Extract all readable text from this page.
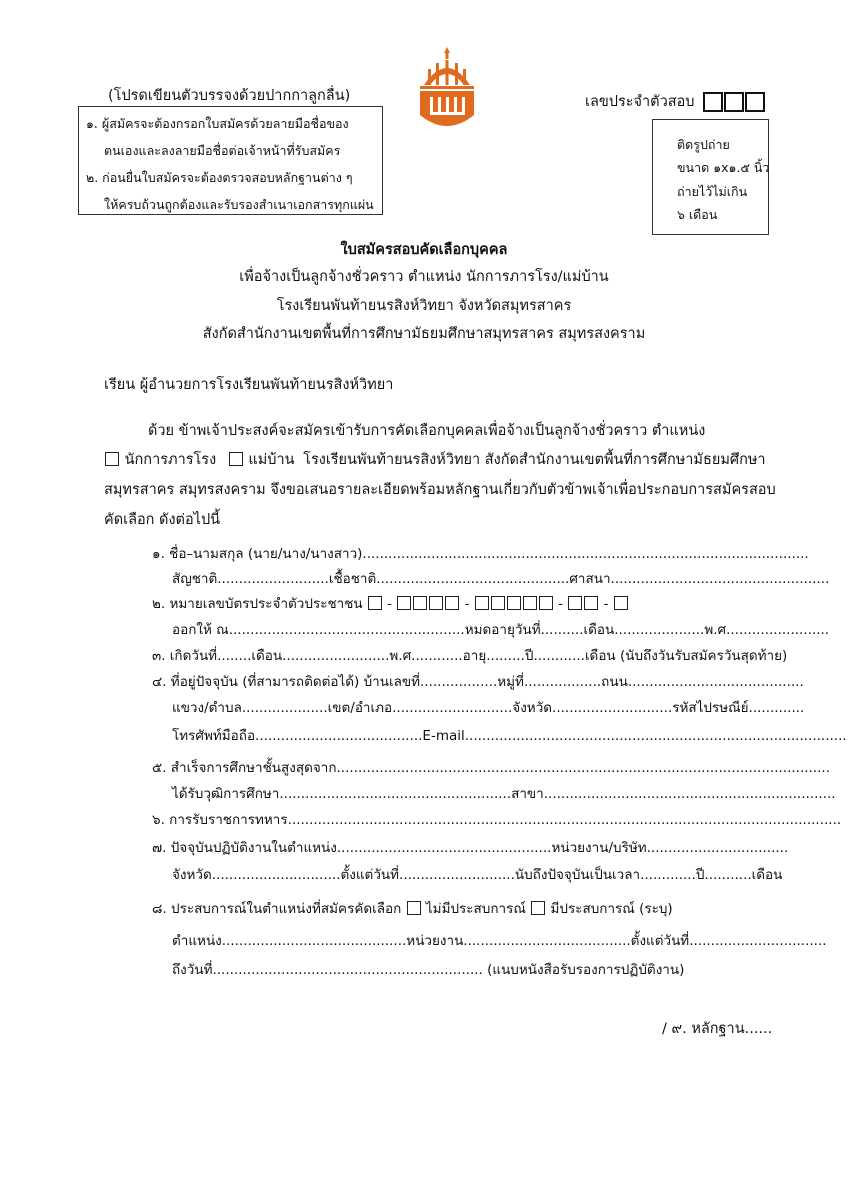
(โปรดเขียนตัวบรรจงด้วยปากกาลูกลื่น)	เลขประจำตัวสอบ
๑. ผู้สมัครจะต้องกรอกใบสมัครด้วยลายมือชื่อของ
ตนเองและลงลายมือชื่อต่อเจ้าหน้าที่รับสมัคร
๒. ก่อนยื่นใบสมัครจะต้องตรวจสอบหลักฐานต่าง ๆ
ให้ครบถ้วนถูกต้องและรับรองสำเนาเอกสารทุกแผ่น
ติดรูปถ่าย
ขนาด ๑x๑.๕ นิ้ว
ถ่ายไว้ไม่เกิน
๖ เดือน
ใบสมัครสอบคัดเลือกบุคคล
เพื่อจ้างเป็นลูกจ้างชั่วคราว ตำแหน่ง นักการภารโรง/แม่บ้าน
โรงเรียนพันท้ายนรสิงห์วิทยา จังหวัดสมุทรสาคร
สังกัดสำนักงานเขตพื้นที่การศึกษามัธยมศึกษาสมุทรสาคร สมุทรสงคราม
เรียน ผู้อำนวยการโรงเรียนพันท้ายนรสิงห์วิทยา
ด้วย ข้าพเจ้าประสงค์จะสมัครเข้ารับการคัดเลือกบุคคลเพื่อจ้างเป็นลูกจ้างชั่วคราว ตำแหน่ง
นักการภารโรง แม่บ้าน โรงเรียนพันท้ายนรสิงห์วิทยา สังกัดสำนักงานเขตพื้นที่การศึกษามัธยมศึกษา
สมุทรสาคร สมุทรสงคราม จึงขอเสนอรายละเอียดพร้อมหลักฐานเกี่ยวกับตัวข้าพเจ้าเพื่อประกอบการสมัครสอบ
คัดเลือก ดังต่อไปนี้
๑. ชื่อ–นามสกุล (นาย/นาง/นางสาว)........................................................................................................
สัญชาติ..........................เชื้อชาติ.............................................ศาสนา...................................................
๒. หมายเลขบัตรประจำตัวประชาชน  -	-	-  -
ออกให้ ณ.......................................................หมดอายุวันที่..........เดือน.....................พ.ศ........................
๓. เกิดวันที่........เดือน.........................พ.ศ............อายุ.........ปี............เดือน (นับถึงวันรับสมัครวันสุดท้าย)
๔. ที่อยู่ปัจจุบัน (ที่สามารถติดต่อได้) บ้านเลขที่..................หมู่ที่..................ถนน.........................................
แขวง/ตำบล....................เขต/อำเภอ............................จังหวัด............................รหัสไปรษณีย์.............
โทรศัพท์มือถือ.......................................E-mail.........................................................................................
๕. สำเร็จการศึกษาชั้นสูงสุดจาก...................................................................................................................
ได้รับวุฒิการศึกษา......................................................สาขา....................................................................
๖. การรับราชการทหาร.................................................................................................................................
๗. ปัจจุบันปฏิบัติงานในตำแหน่ง..................................................หน่วยงาน/บริษัท.................................
จังหวัด..............................ตั้งแต่วันที่...........................นับถึงปัจจุบันเป็นเวลา.............ปี...........เดือน
๘. ประสบการณ์ในตำแหน่งที่สมัครคัดเลือก ไม่มีประสบการณ์ มีประสบการณ์ (ระบุ)
ตำแหน่ง...........................................หน่วยงาน.......................................ตั้งแต่วันที่................................
ถึงวันที่............................................................... (แนบหนังสือรับรองการปฏิบัติงาน)
/ ๙. หลักฐาน......
